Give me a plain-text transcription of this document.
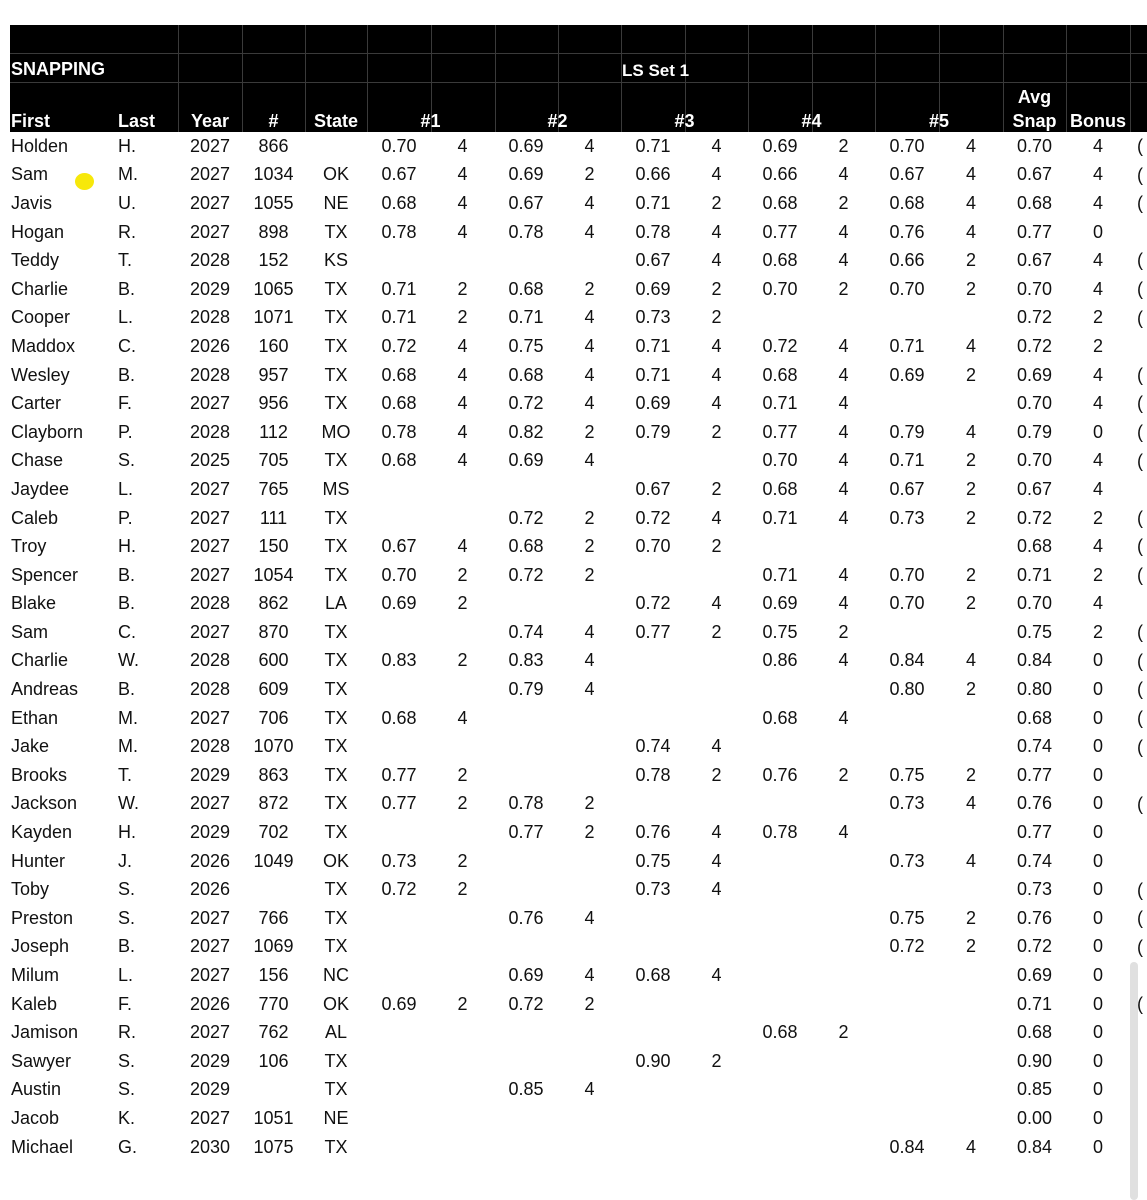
SNAPPING	LS Set 1
First	Last	Year	#	State	#1	#2	#3	#4	#5
Avg
Snap Bonus
Holden	H.	2027	866		0.70	4	0.69	4	0.71	4	0.69	2	0.70	4	0.70	4	
Sam	M.	2027	1034	OK	0.67	4	0.69	2	0.66	4	0.66	4	0.67	4	0.67	4	
Javis	U.	2027	1055	NE	0.68	4	0.67	4	0.71	2	0.68	2	0.68	4	0.68	4	
Hogan	R.	2027	898	TX	0.78	4	0.78	4	0.78	4	0.77	4	0.76	4	0.77	0	
Teddy	T.	2028	152	KS					0.67	4	0.68	4	0.66	2	0.67	4	
Charlie	B.	2029	1065	TX	0.71	2	0.68	2	0.69	2	0.70	2	0.70	2	0.70	4	
Cooper	L.	2028	1071	TX	0.71	2	0.71	4	0.73	2					0.72	2	
Maddox	C.	2026	160	TX	0.72	4	0.75	4	0.71	4	0.72	4	0.71	4	0.72	2	
Wesley	B.	2028	957	TX	0.68	4	0.68	4	0.71	4	0.68	4	0.69	2	0.69	4	
Carter	F.	2027	956	TX	0.68	4	0.72	4	0.69	4	0.71	4			0.70	4	
Clayborn	P.	2028	112	MO	0.78	4	0.82	2	0.79	2	0.77	4	0.79	4	0.79	0	
Chase	S.	2025	705	TX	0.68	4	0.69	4			0.70	4	0.71	2	0.70	4	
Jaydee	L.	2027	765	MS					0.67	2	0.68	4	0.67	2	0.67	4	
Caleb	P.	2027	111	TX			0.72	2	0.72	4	0.71	4	0.73	2	0.72	2	
Troy	H.	2027	150	TX	0.67	4	0.68	2	0.70	2					0.68	4	
Spencer	B.	2027	1054	TX	0.70	2	0.72	2			0.71	4	0.70	2	0.71	2	
Blake	B.	2028	862	LA	0.69	2			0.72	4	0.69	4	0.70	2	0.70	4	
Sam	C.	2027	870	TX			0.74	4	0.77	2	0.75	2			0.75	2	
Charlie	W.	2028	600	TX	0.83	2	0.83	4			0.86	4	0.84	4	0.84	0	
Andreas	B.	2028	609	TX			0.79	4					0.80	2	0.80	0	
Ethan	M.	2027	706	TX	0.68	4					0.68	4			0.68	0	
Jake	M.	2028	1070	TX					0.74	4					0.74	0	
Brooks	T.	2029	863	TX	0.77	2			0.78	2	0.76	2	0.75	2	0.77	0	
Jackson	W.	2027	872	TX	0.77	2	0.78	2					0.73	4	0.76	0	
Kayden	H.	2029	702	TX			0.77	2	0.76	4	0.78	4			0.77	0	
Hunter	J.	2026	1049	OK	0.73	2			0.75	4			0.73	4	0.74	0	
Toby	S.	2026		TX	0.72	2			0.73	4					0.73	0	
Preston	S.	2027	766	TX			0.76	4					0.75	2	0.76	0	
Joseph	B.	2027	1069	TX									0.72	2	0.72	0	
Milum	L.	2027	156	NC			0.69	4	0.68	4					0.69	0	
Kaleb	F.	2026	770	OK	0.69	2	0.72	2							0.71	0	
Jamison	R.	2027	762	AL							0.68	2			0.68	0	
Sawyer	S.	2029	106	TX					0.90	2					0.90	0	
Austin	S.	2029		TX			0.85	4							0.85	0	
Jacob	K.	2027	1051	NE											0.00	0	
Michael	G.	2030	1075	TX									0.84	4	0.84	0	
(
(
(
(
(
(
(
(
(
(
(
(
(
(
(
(
(
(
(
(
(
(
(
